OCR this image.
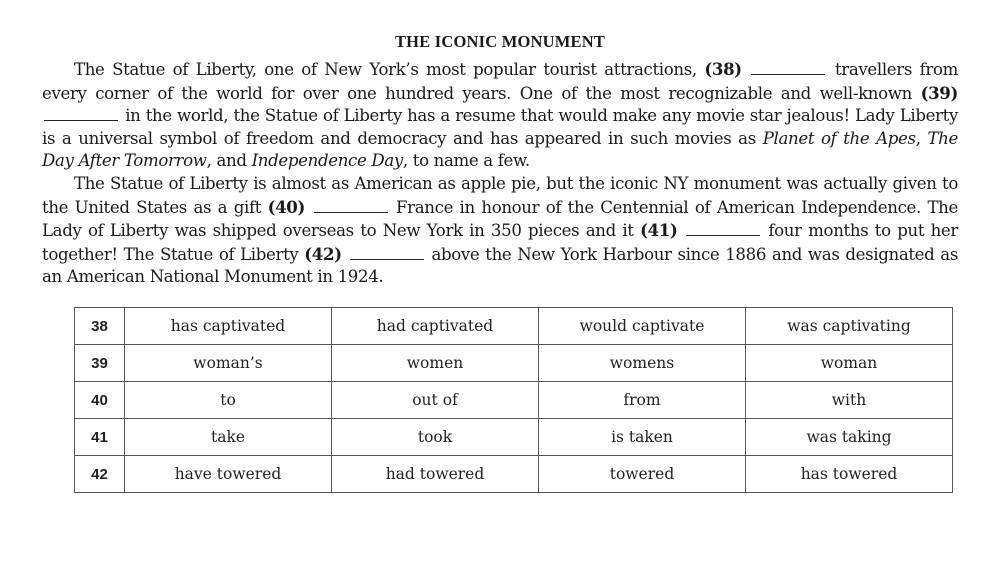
THE ICONIC MONUMENT

The Statue of Liberty, one of New York’s most popular tourist attractions, (38)	travellers from every corner of the world for over one hundred years. One of the most recognizable and well-known (39)  in the world, the Statue of Liberty has a resume that would make any movie star jealous! Lady Liberty is a universal symbol of freedom and democracy and has appeared in such movies as Planet of the Apes, The Day After Tomorrow, and Independence Day, to name a few.

The Statue of Liberty is almost as American as apple pie, but the iconic NY monument was actually given to the United States as a gift (40)	France in honour of the Centennial of American Independence. The Lady of Liberty was shipped overseas to New York in 350 pieces and it (41)	four months to put her together! The Statue of Liberty (42)	above the New York Harbour since 1886 and was designated as an American National Monument in 1924.

38	has captivated	had captivated	would captivate	was captivating
39	woman’s	women	womens	woman
40	to	out of	from	with
41	take	took	is taken	was taking
42	have towered	had towered	towered	has towered
